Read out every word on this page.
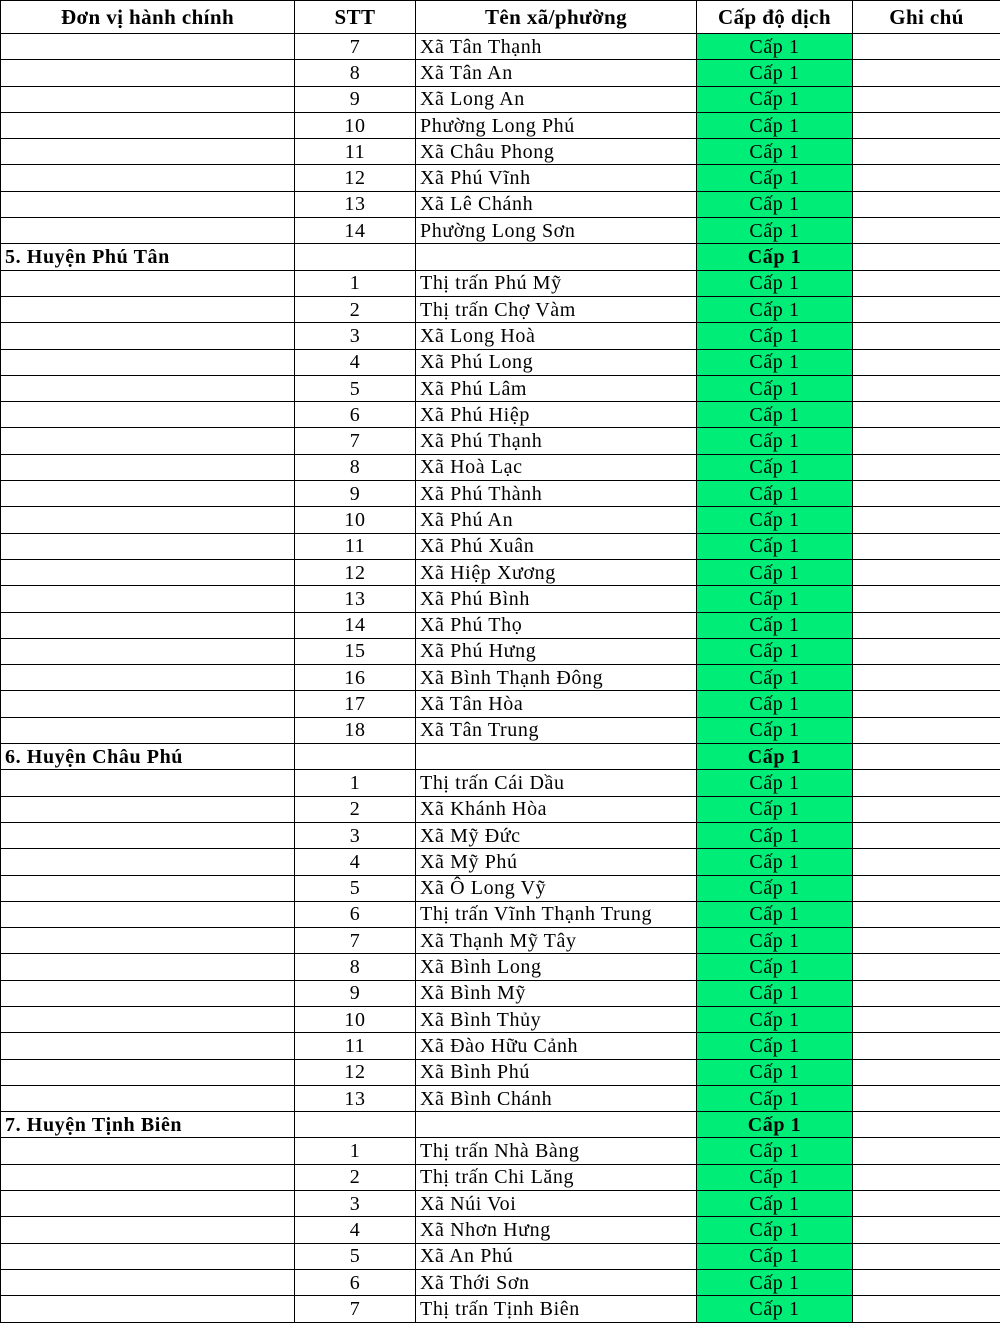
Đơn vị hành chính	STT	Tên xã/phường	Cấp độ dịch	Ghi chú
	7	Xã Tân Thạnh	Cấp 1	
	8	Xã Tân An	Cấp 1	
	9	Xã Long An	Cấp 1	
	10	Phường Long Phú	Cấp 1	
	11	Xã Châu Phong	Cấp 1	
	12	Xã Phú Vĩnh	Cấp 1	
	13	Xã Lê Chánh	Cấp 1	
	14	Phường Long Sơn	Cấp 1	
5. Huyện Phú Tân			Cấp 1	
	1	Thị trấn Phú Mỹ	Cấp 1	
	2	Thị trấn Chợ Vàm	Cấp 1	
	3	Xã Long Hoà	Cấp 1	
	4	Xã Phú Long	Cấp 1	
	5	Xã Phú Lâm	Cấp 1	
	6	Xã Phú Hiệp	Cấp 1	
	7	Xã Phú Thạnh	Cấp 1	
	8	Xã Hoà Lạc	Cấp 1	
	9	Xã Phú Thành	Cấp 1	
	10	Xã Phú An	Cấp 1	
	11	Xã Phú Xuân	Cấp 1	
	12	Xã Hiệp Xương	Cấp 1	
	13	Xã Phú Bình	Cấp 1	
	14	Xã Phú Thọ	Cấp 1	
	15	Xã Phú Hưng	Cấp 1	
	16	Xã Bình Thạnh Đông	Cấp 1	
	17	Xã Tân Hòa	Cấp 1	
	18	Xã Tân Trung	Cấp 1	
6. Huyện Châu Phú			Cấp 1	
	1	Thị trấn Cái Dầu	Cấp 1	
	2	Xã Khánh Hòa	Cấp 1	
	3	Xã Mỹ Đức	Cấp 1	
	4	Xã Mỹ Phú	Cấp 1	
	5	Xã Ô Long Vỹ	Cấp 1	
	6	Thị trấn Vĩnh Thạnh Trung	Cấp 1	
	7	Xã Thạnh Mỹ Tây	Cấp 1	
	8	Xã Bình Long	Cấp 1	
	9	Xã Bình Mỹ	Cấp 1	
	10	Xã Bình Thủy	Cấp 1	
	11	Xã Đào Hữu Cảnh	Cấp 1	
	12	Xã Bình Phú	Cấp 1	
	13	Xã Bình Chánh	Cấp 1	
7. Huyện Tịnh Biên			Cấp 1	
	1	Thị trấn Nhà Bàng	Cấp 1	
	2	Thị trấn Chi Lăng	Cấp 1	
	3	Xã Núi Voi	Cấp 1	
	4	Xã Nhơn Hưng	Cấp 1	
	5	Xã An Phú	Cấp 1	
	6	Xã Thới Sơn	Cấp 1	
	7	Thị trấn Tịnh Biên	Cấp 1	
